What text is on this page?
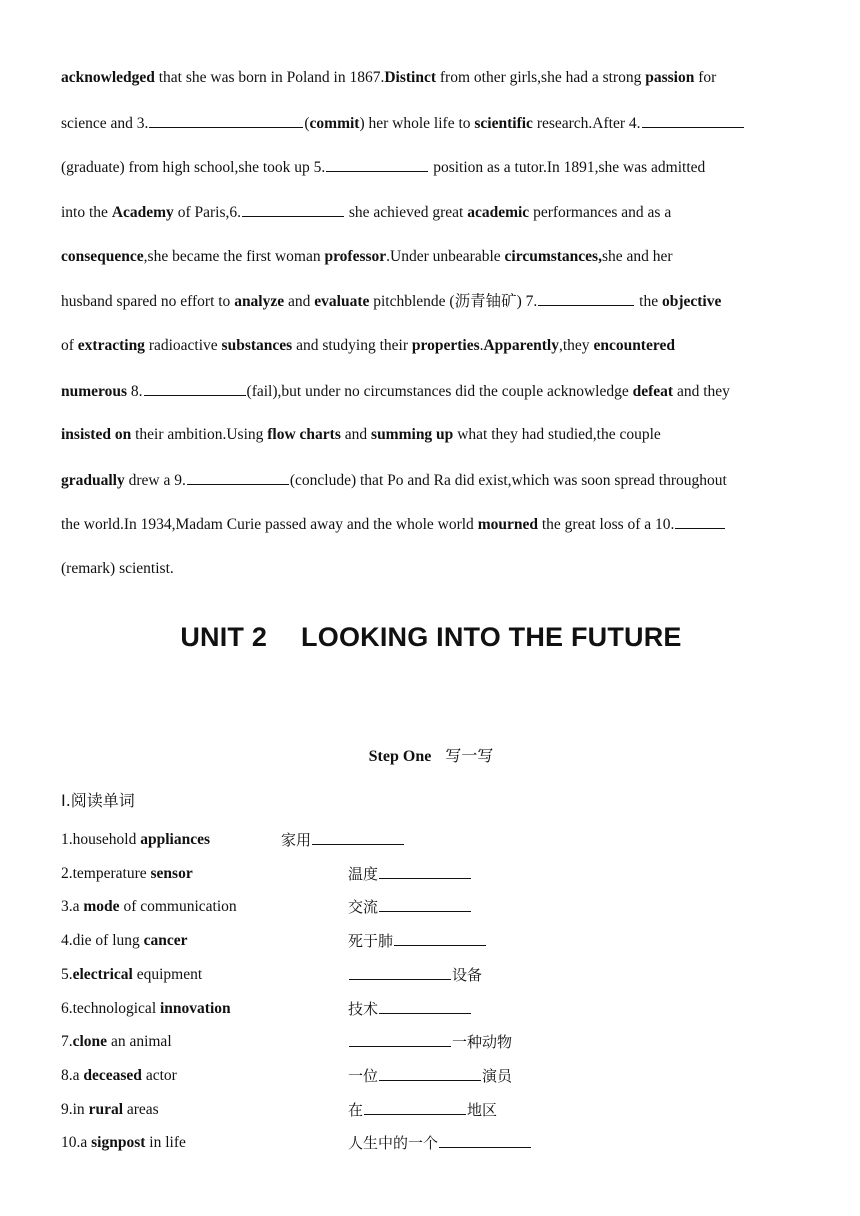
acknowledged that she was born in Poland in 1867.Distinct from other girls,she had a strong passion for
science and 3.	(commit) her whole life to scientific research.After 4.
(graduate) from high school,she took up 5.	position as a tutor.In 1891,she was admitted
into the Academy of Paris,6.	she achieved great academic performances and as a
consequence,she became the first woman professor.Under unbearable circumstances,she and her
husband spared no effort to analyze and evaluate pitchblende (沥青铀矿) 7.	the objective
of extracting radioactive substances and studying their properties.Apparently,they encountered
numerous 8.	(fail),but under no circumstances did the couple acknowledge defeat and they
insisted on their ambition.Using flow charts and summing up what they had studied,the couple
gradually drew a 9.	(conclude) that Po and Ra did exist,which was soon spread throughout
the world.In 1934,Madam Curie passed away and the whole world mourned the great loss of a 10.
(remark) scientist.
UNIT 2 LOOKING INTO THE FUTURE
Step One 写一写
Ⅰ.阅读单词
1.household appliances	家用
2.temperature sensor	温度
3.a mode of communication	交流
4.die of lung cancer	死于肺
5.electrical equipment	设备
6.technological innovation	技术
7.clone an animal	一种动物
8.a deceased actor	一位	演员
9.in rural areas	在	地区
10.a signpost in life	人生中的一个
